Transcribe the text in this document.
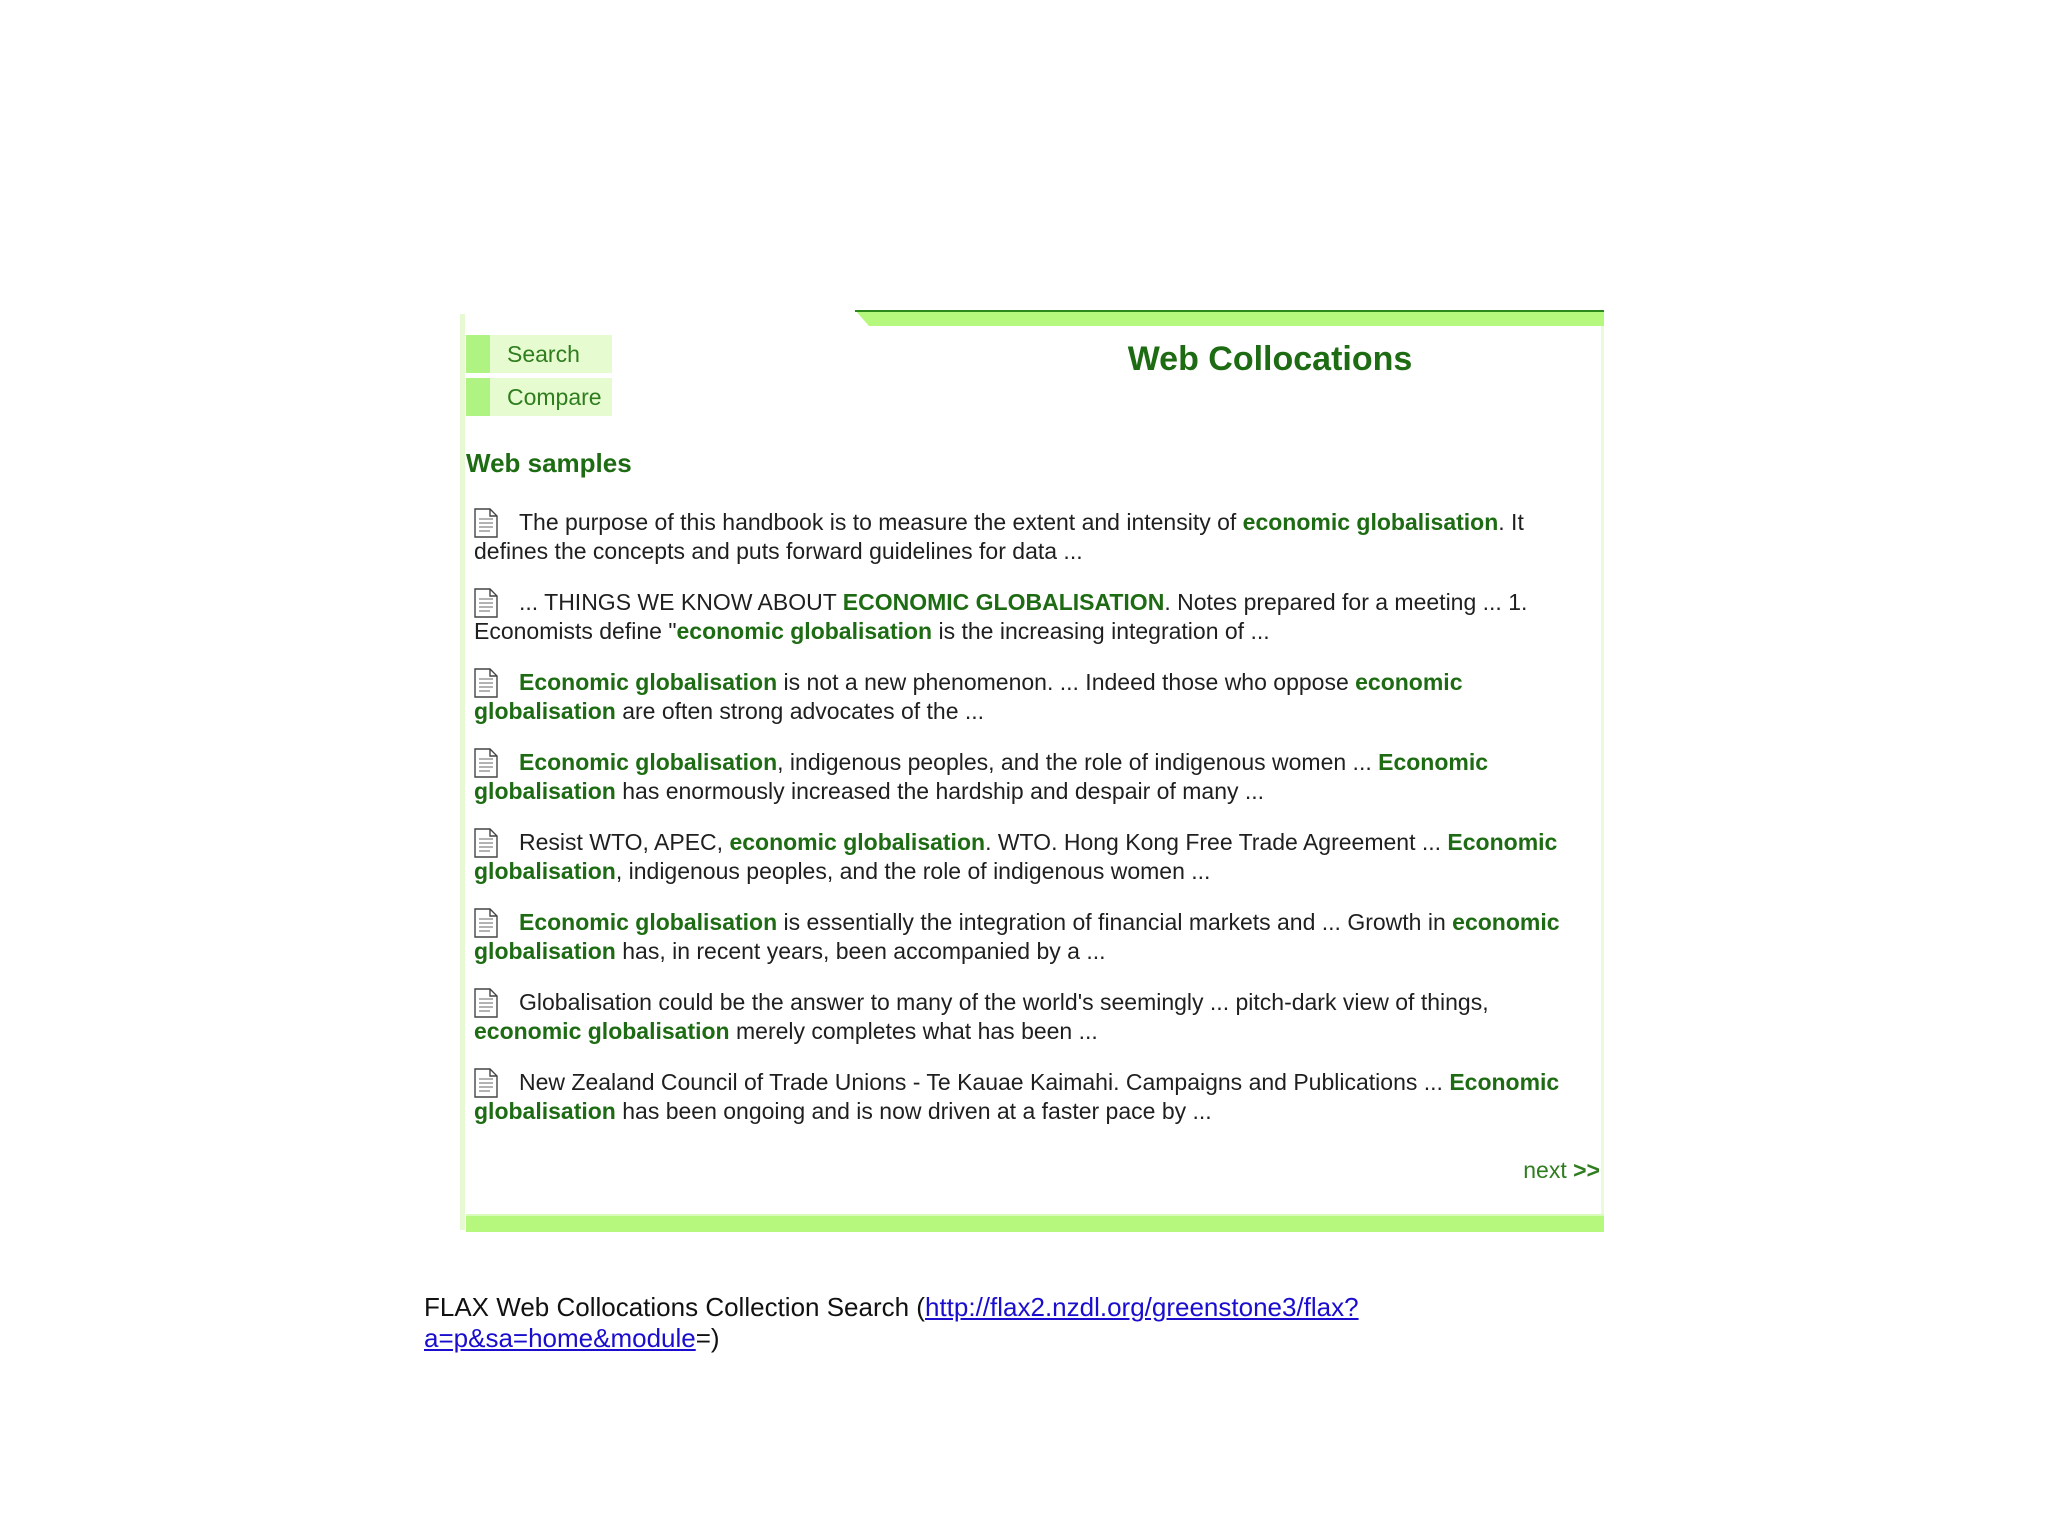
Search
Compare
Web Collocations
Web samples

The purpose of this handbook is to measure the extent and intensity of economic globalisation. It defines the concepts and puts forward guidelines for data ...

... THINGS WE KNOW ABOUT ECONOMIC GLOBALISATION. Notes prepared for a meeting ... 1. Economists define "economic globalisation is the increasing integration of ...

Economic globalisation is not a new phenomenon. ... Indeed those who oppose economic globalisation are often strong advocates of the ...

Economic globalisation, indigenous peoples, and the role of indigenous women ... Economic globalisation has enormously increased the hardship and despair of many ...

Resist WTO, APEC, economic globalisation. WTO. Hong Kong Free Trade Agreement ... Economic globalisation, indigenous peoples, and the role of indigenous women ...

Economic globalisation is essentially the integration of financial markets and ... Growth in economic globalisation has, in recent years, been accompanied by a ...

Globalisation could be the answer to many of the world's seemingly ... pitch-dark view of things, economic globalisation merely completes what has been ...

New Zealand Council of Trade Unions - Te Kauae Kaimahi. Campaigns and Publications ... Economic globalisation has been ongoing and is now driven at a faster pace by ...

next >>
FLAX Web Collocations Collection Search (http://flax2.nzdl.org/greenstone3/flax?a=p&sa=home&module=)
